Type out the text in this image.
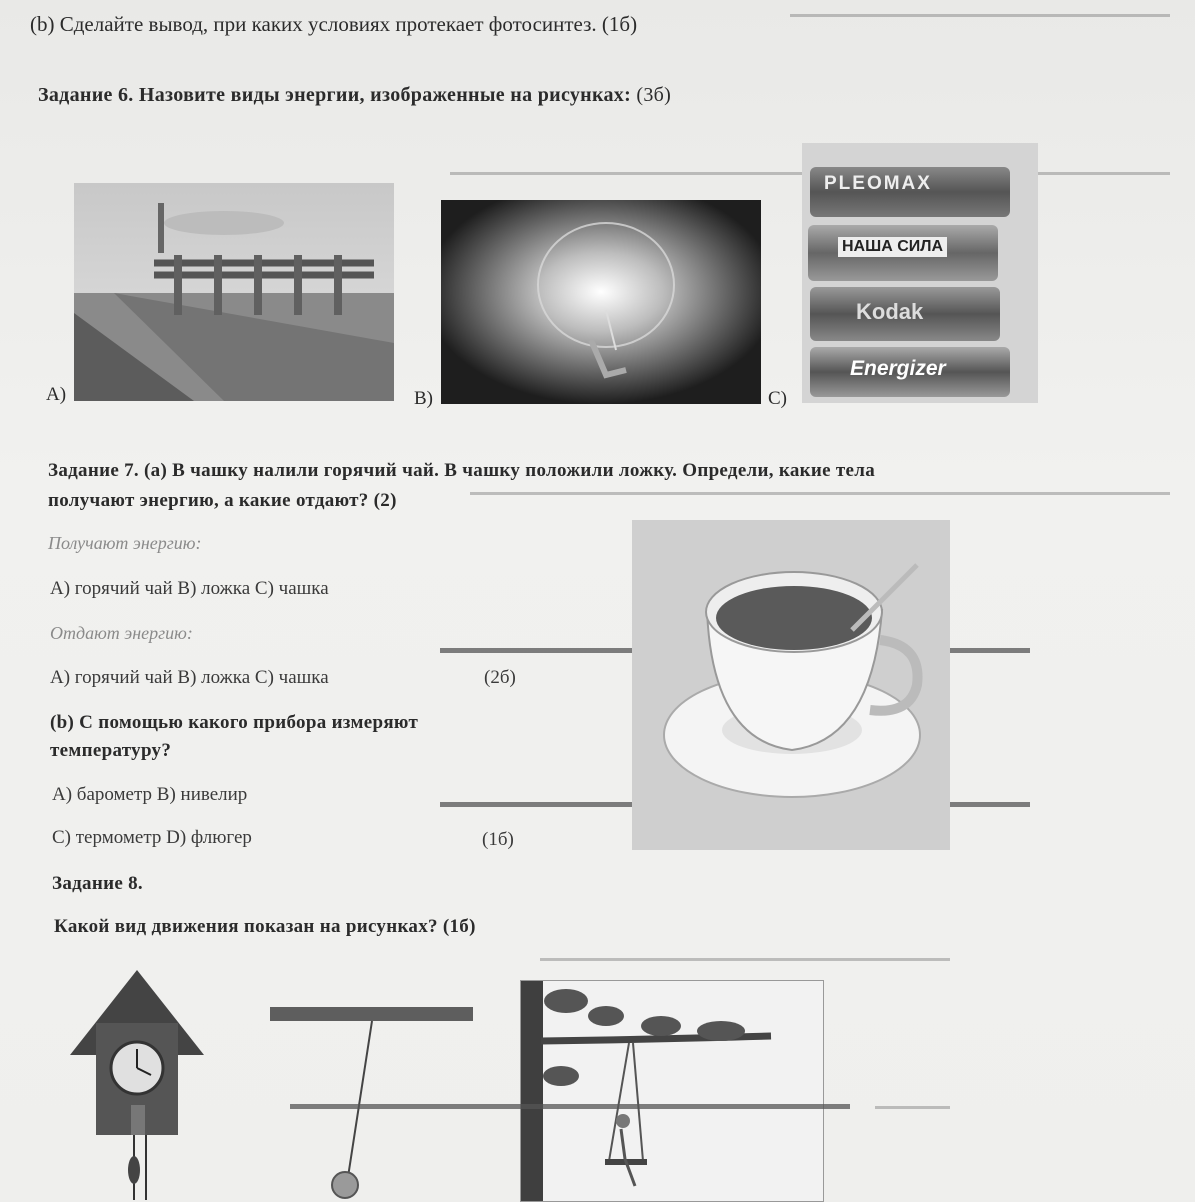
(b) Сделайте вывод, при каких условиях протекает фотосинтез. (1б)
Задание 6. Назовите виды энергии, изображенные на рисунках: (3б)
A)	B)
PLEOMAX
НАША СИЛА
Kodak
Energizer
C)
Задание 7. (а) В чашку налили горячий чай. В чашку положили ложку. Определи, какие тела
получают энергию, а какие отдают? (2)
Получают энергию:
А) горячий чай В) ложка С) чашка
Отдают энергию:
А) горячий чай В) ложка С) чашка	(2б)
(b) С помощью какого прибора измеряют
температуру?
А) барометр В) нивелир
С) термометр D) флюгер	(1б)
Задание 8.
Какой вид движения показан на рисунках? (1б)
